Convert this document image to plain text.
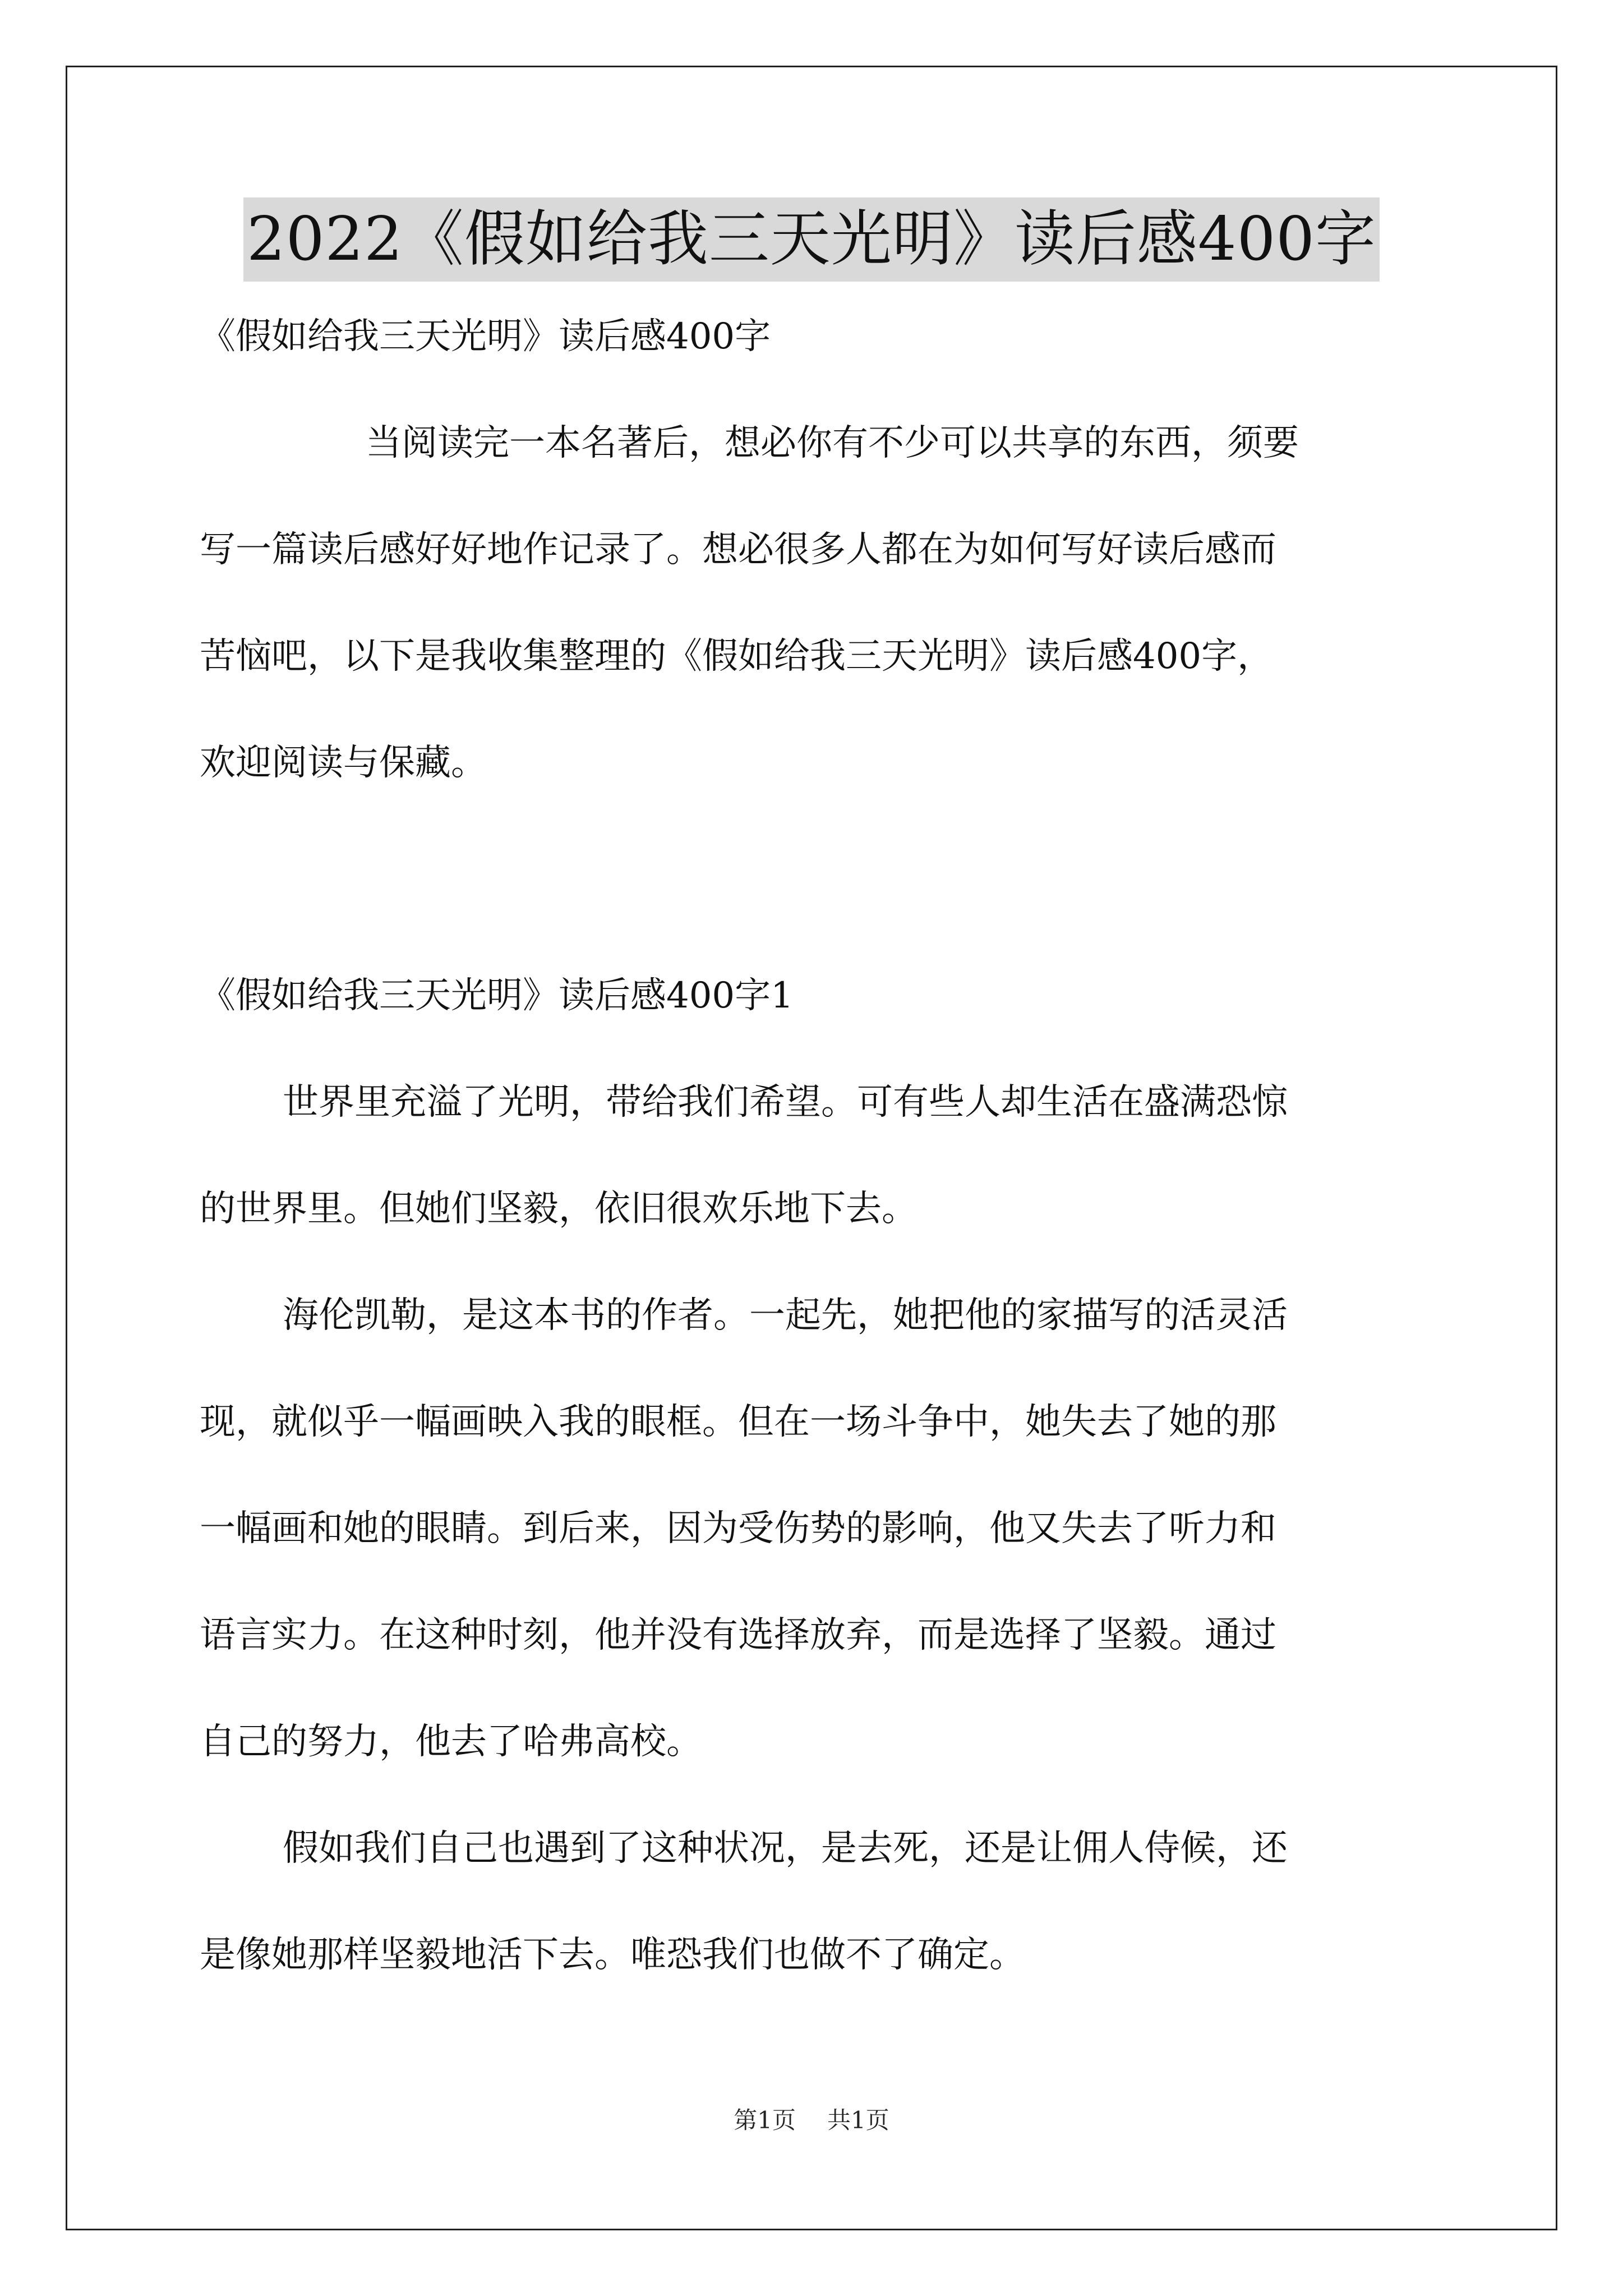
2022《假如给我三天光明》读后感400字
《假如给我三天光明》读后感400字
当阅读完一本名著后，想必你有不少可以共享的东西，须要
写一篇读后感好好地作记录了。想必很多人都在为如何写好读后感而
苦恼吧，以下是我收集整理的《假如给我三天光明》读后感400字，
欢迎阅读与保藏。
《假如给我三天光明》读后感400字1
世界里充溢了光明，带给我们希望。可有些人却生活在盛满恐惊
的世界里。但她们坚毅，依旧很欢乐地下去。
海伦凯勒，是这本书的作者。一起先，她把他的家描写的活灵活
现，就似乎一幅画映入我的眼框。但在一场斗争中，她失去了她的那
一幅画和她的眼睛。到后来，因为受伤势的影响，他又失去了听力和
语言实力。在这种时刻，他并没有选择放弃，而是选择了坚毅。通过
自己的努力，他去了哈弗高校。
假如我们自己也遇到了这种状况，是去死，还是让佣人侍候，还
是像她那样坚毅地活下去。唯恐我们也做不了确定。
第1页 共1页
